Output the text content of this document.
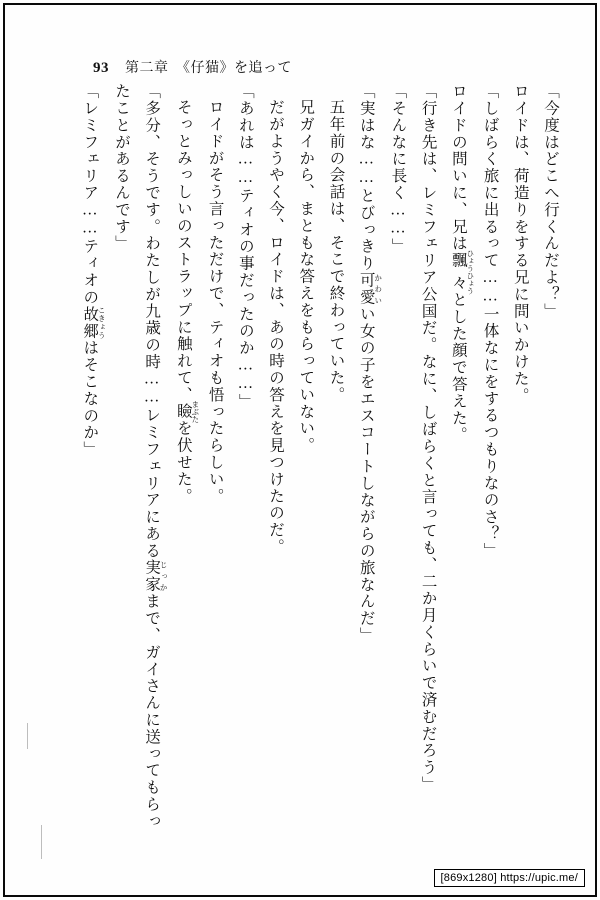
93 第二章　《仔猫》を追って

「今度はどこへ行くんだよ？」

ロイドは、荷造りをする兄に問いかけた。

「しばらく旅に出るって……一体なにをするつもりなのさ？」

ロイドの問いに、兄は飄々 ひょうひょうとした顔で答えた。

「行き先は、レミフェリア公国だ。なに、しばらくと言っても、二か月くらいで済むだろう」

「そんなに長く……」

「実はな……とびっきり可愛 かわいい女の子をエスコートしながらの旅なんだ」

五年前の会話は、そこで終わっていた。

兄ガイから、まともな答えをもらっていない。

だがようやく今、ロイドは、あの時の答えを見つけたのだ。

「あれは……ティオの事だったのか……」

ロイドがそう言っただけで、ティオも悟ったらしい。

そっとみっしいのストラップに触れて、瞼 まぶたを伏せた。

「多分、そうです。わたしが九歳の時……レミフェリアにある実家 じっかまで、ガイさんに送ってもらったことがあるんです」

「レミフェリア……ティオの故郷 こきょうはそこなのか」

[869x1280] https://upic.me/
